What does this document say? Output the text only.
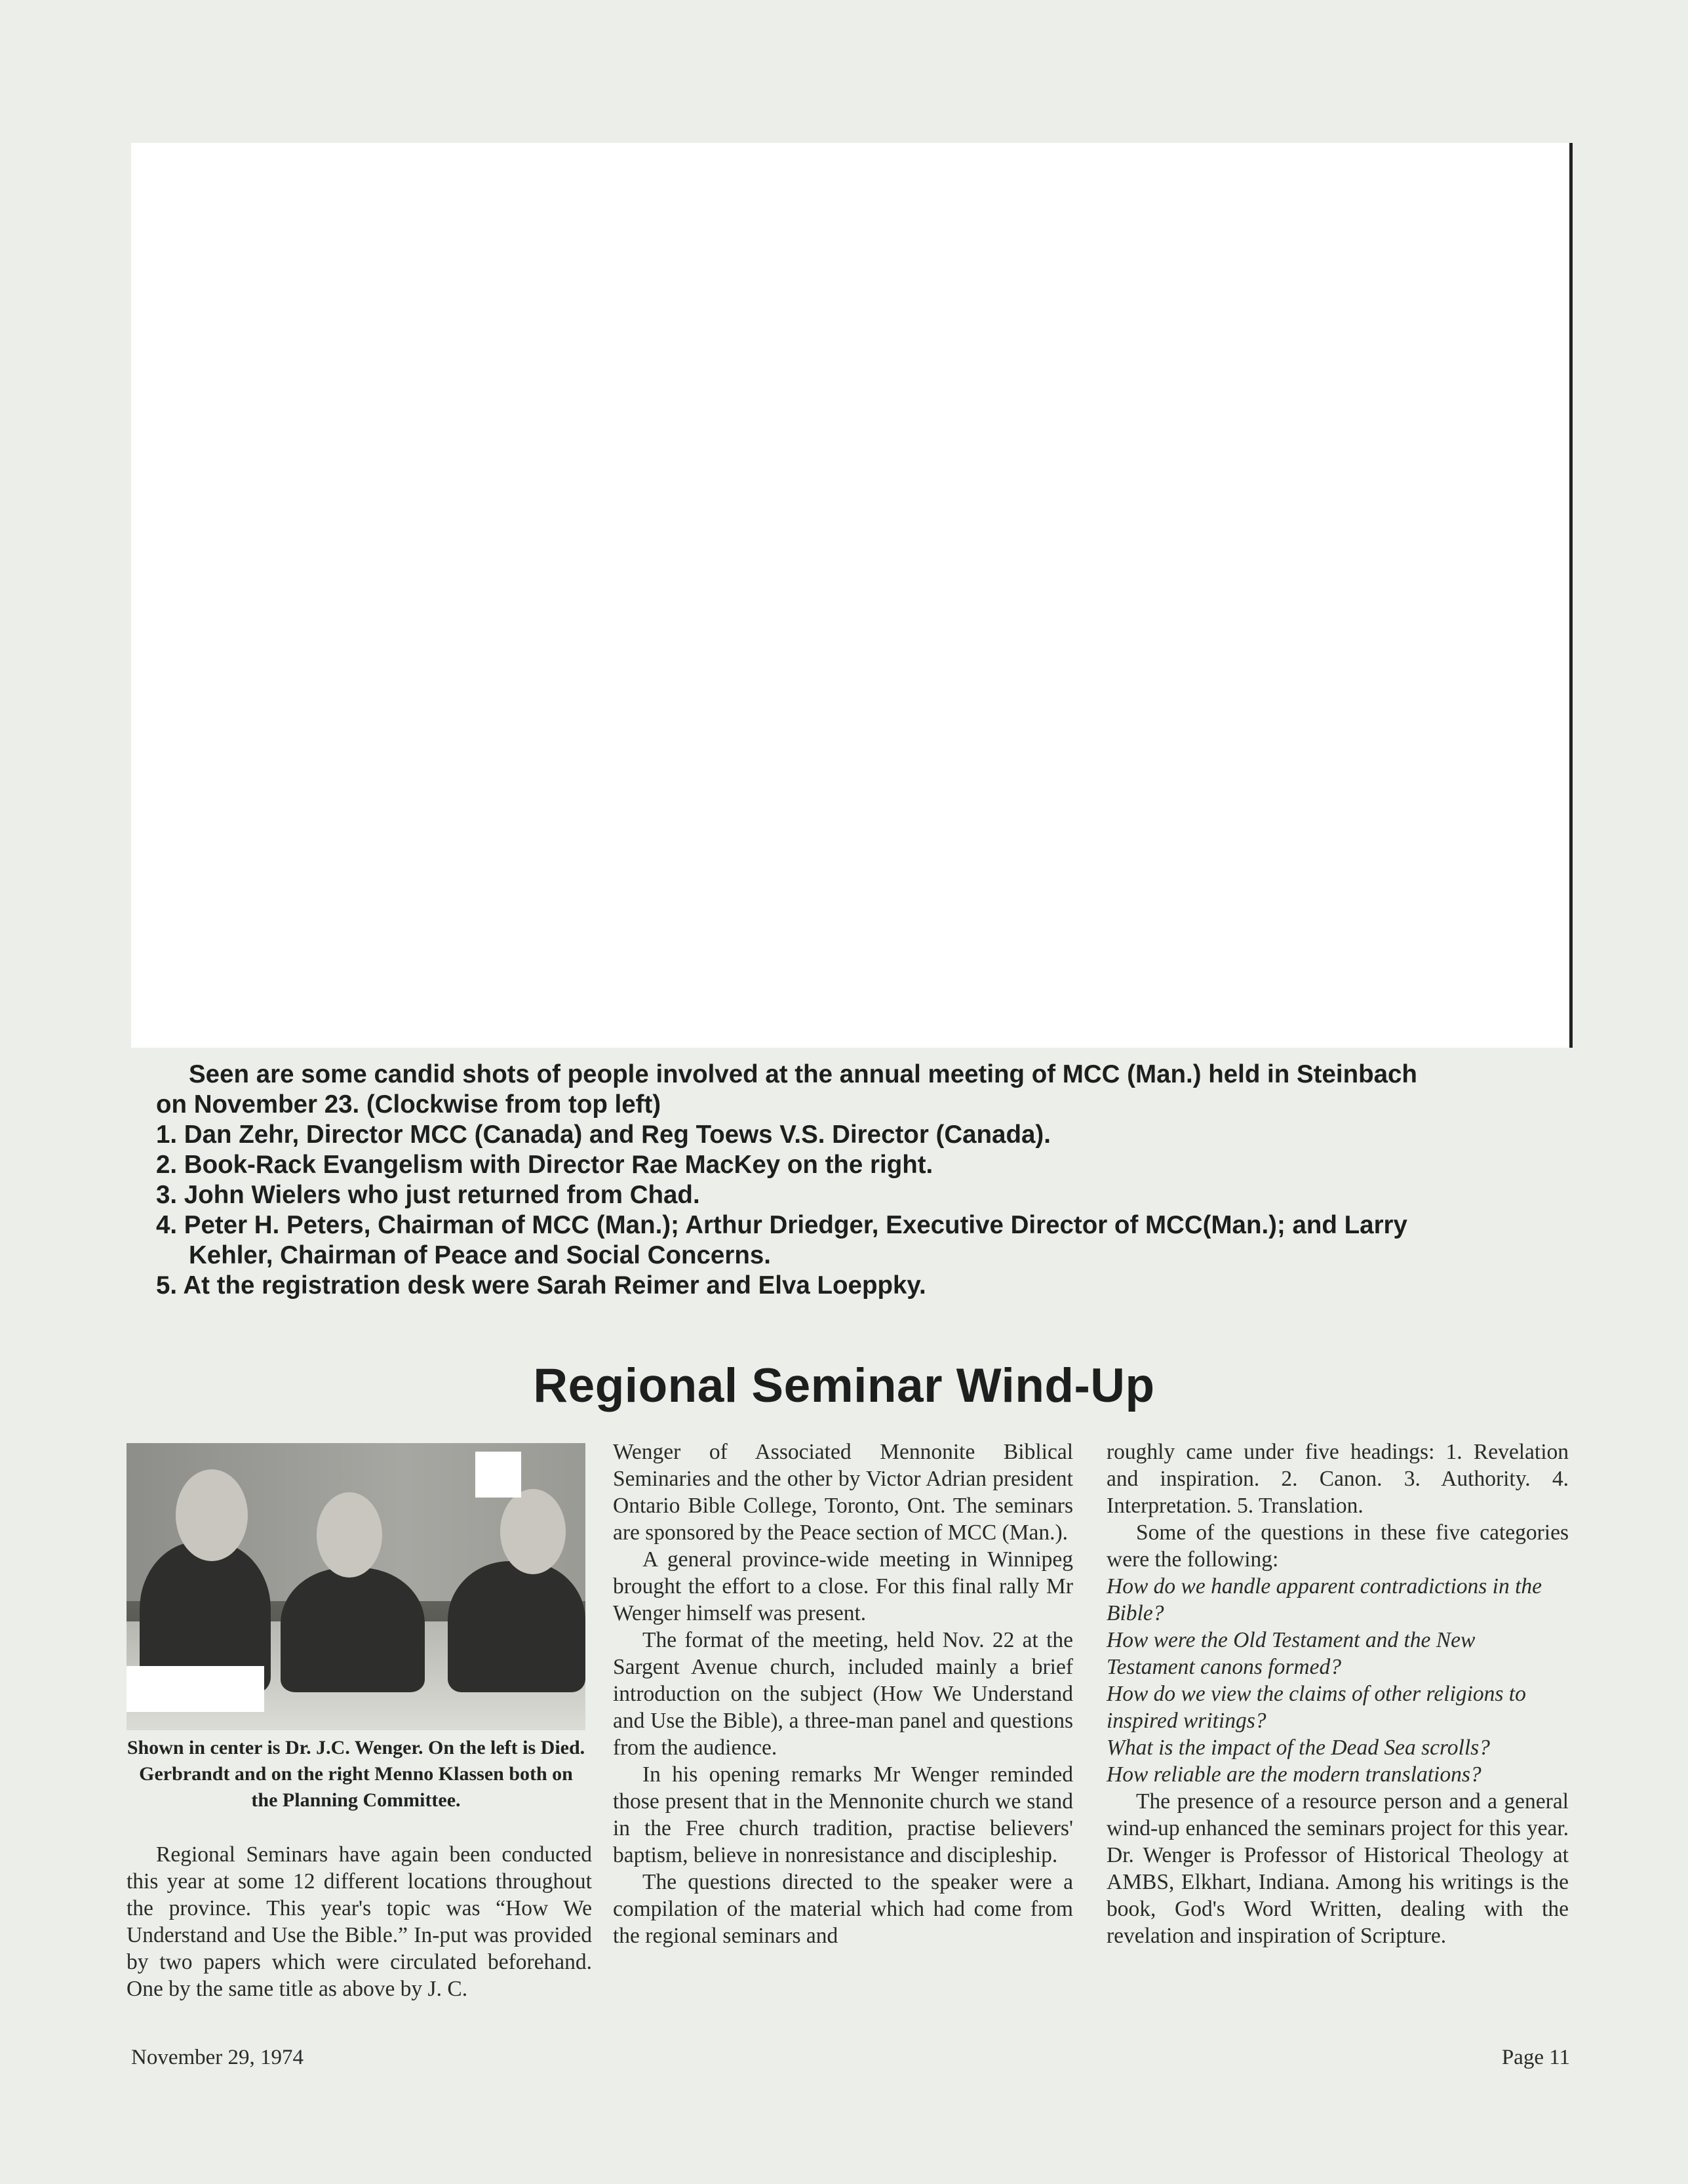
Seen are some candid shots of people involved at the annual meeting of MCC (Man.) held in Steinbach
on November 23. (Clockwise from top left)
1. Dan Zehr, Director MCC (Canada) and Reg Toews V.S. Director (Canada).
2. Book-Rack Evangelism with Director Rae MacKey on the right.
3. John Wielers who just returned from Chad.
4. Peter H. Peters, Chairman of MCC (Man.); Arthur Driedger, Executive Director of MCC(Man.); and Larry
Kehler, Chairman of Peace and Social Concerns.
5. At the registration desk were Sarah Reimer and Elva Loeppky.
Regional Seminar Wind-Up
Shown in center is Dr. J.C. Wenger. On the left is Died. Gerbrandt and on the right Menno Klassen both on the Planning Committee.

Regional Seminars have again been conducted this year at some 12 different locations throughout the province. This year's topic was “How We Understand and Use the Bible.” In-put was provided by two papers which were circulated beforehand. One by the same title as above by J. C.

Wenger of Associated Mennonite Biblical Seminaries and the other by Victor Adrian president Ontario Bible College, Toronto, Ont. The seminars are sponsored by the Peace section of MCC (Man.).

A general province-wide meeting in Winnipeg brought the effort to a close. For this final rally Mr Wenger himself was present.

The format of the meeting, held Nov. 22 at the Sargent Avenue church, included mainly a brief introduction on the subject (How We Understand and Use the Bible), a three-man panel and questions from the audience.

In his opening remarks Mr Wenger reminded those present that in the Mennonite church we stand in the Free church tradition, practise believers' baptism, believe in nonresistance and discipleship.

The questions directed to the speaker were a compilation of the material which had come from the regional seminars and

roughly came under five headings: 1. Revelation and inspiration. 2. Canon. 3. Authority. 4. Interpretation. 5. Translation.

Some of the questions in these five categories were the following:

How do we handle apparent contradictions in the Bible?

How were the Old Testament and the New Testament canons formed?

How do we view the claims of other religions to inspired writings?

What is the impact of the Dead Sea scrolls?

How reliable are the modern translations?

The presence of a resource person and a general wind-up enhanced the seminars project for this year. Dr. Wenger is Professor of Historical Theology at AMBS, Elkhart, Indiana. Among his writings is the book, God's Word Written, dealing with the revelation and inspiration of Scripture.

November 29, 1974	Page 11
